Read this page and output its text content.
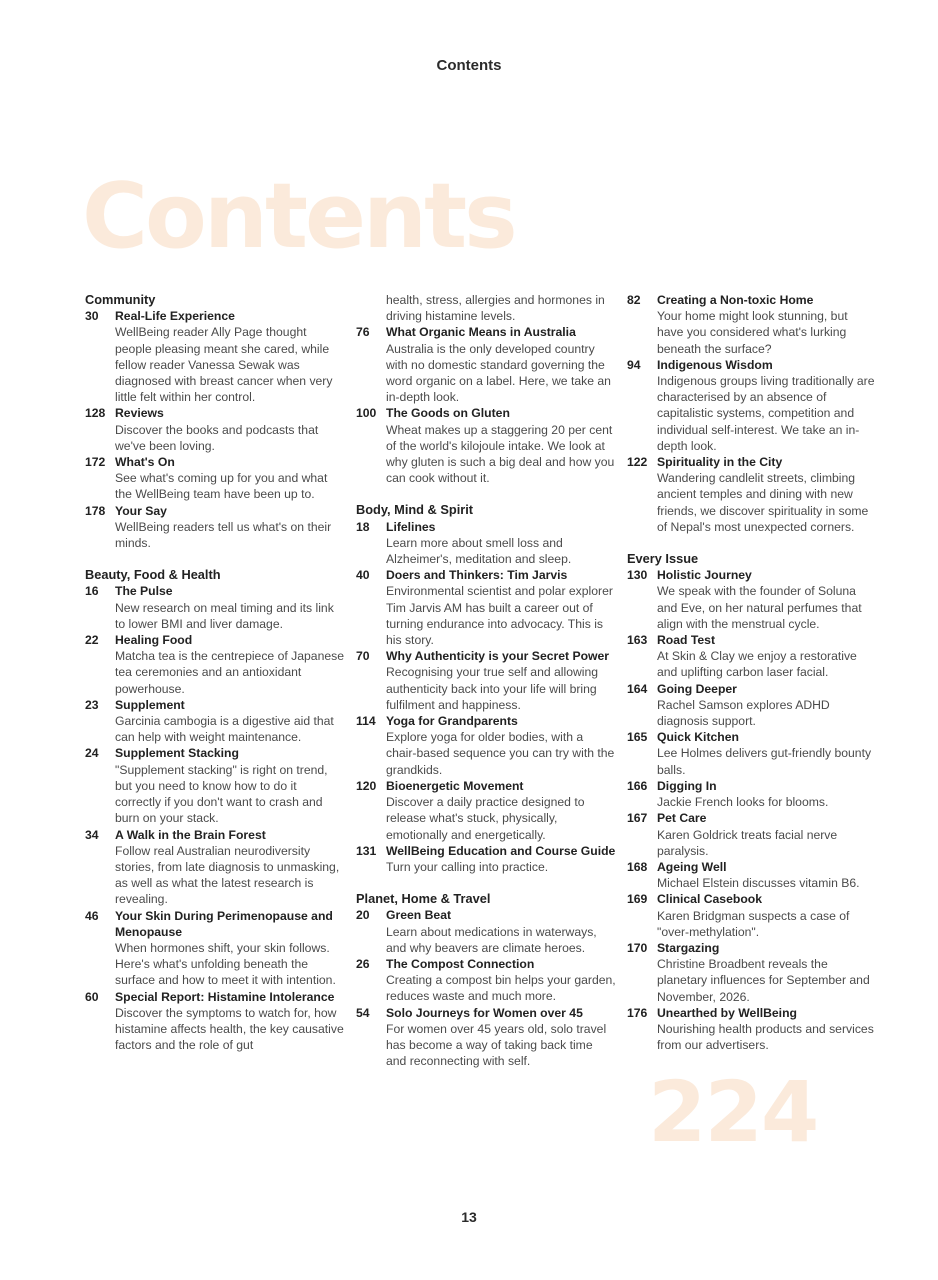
Contents
Contents
Community
30	Real-Life Experience
WellBeing reader Ally Page thought people pleasing meant she cared, while fellow reader Vanessa Sewak was diagnosed with breast cancer when very little felt within her control.
128 Reviews
Discover the books and podcasts that we've been loving.
172 What's On
See what's coming up for you and what the WellBeing team have been up to.
178 Your Say
WellBeing readers tell us what's on their minds.
Beauty, Food & Health
16	The Pulse
New research on meal timing and its link to lower BMI and liver damage.
22	Healing Food
Matcha tea is the centrepiece of Japanese tea ceremonies and an antioxidant powerhouse.
23	Supplement
Garcinia cambogia is a digestive aid that can help with weight maintenance.
24	Supplement Stacking
"Supplement stacking" is right on trend, but you need to know how to do it correctly if you don't want to crash and burn on your stack.
34	A Walk in the Brain Forest
Follow real Australian neurodiversity stories, from late diagnosis to unmasking, as well as what the latest research is revealing.
46	Your Skin During Perimenopause and Menopause
When hormones shift, your skin follows. Here's what's unfolding beneath the surface and how to meet it with intention.
60	Special Report: Histamine Intolerance
Discover the symptoms to watch for, how histamine affects health, the key causative factors and the role of gut
health, stress, allergies and hormones in driving histamine levels.
76	What Organic Means in Australia
Australia is the only developed country with no domestic standard governing the word organic on a label. Here, we take an in-depth look.
100 The Goods on Gluten
Wheat makes up a staggering 20 per cent of the world's kilojoule intake. We look at why gluten is such a big deal and how you can cook without it.
Body, Mind & Spirit
18	Lifelines
Learn more about smell loss and Alzheimer's, meditation and sleep.
40	Doers and Thinkers: Tim Jarvis
Environmental scientist and polar explorer Tim Jarvis AM has built a career out of turning endurance into advocacy. This is his story.
70	Why Authenticity is your Secret Power
Recognising your true self and allowing authenticity back into your life will bring fulfilment and happiness.
114 Yoga for Grandparents
Explore yoga for older bodies, with a chair-based sequence you can try with the grandkids.
120 Bioenergetic Movement
Discover a daily practice designed to release what's stuck, physically, emotionally and energetically.
131 WellBeing Education and Course Guide
Turn your calling into practice.
Planet, Home & Travel
20	Green Beat
Learn about medications in waterways, and why beavers are climate heroes.
26	The Compost Connection
Creating a compost bin helps your garden, reduces waste and much more.
54	Solo Journeys for Women over 45
For women over 45 years old, solo travel has become a way of taking back time and reconnecting with self.
82	Creating a Non-toxic Home
Your home might look stunning, but have you considered what's lurking beneath the surface?
94	Indigenous Wisdom
Indigenous groups living traditionally are characterised by an absence of capitalistic systems, competition and individual self-interest. We take an in-depth look.
122 Spirituality in the City
Wandering candlelit streets, climbing ancient temples and dining with new friends, we discover spirituality in some of Nepal's most unexpected corners.
Every Issue
130 Holistic Journey
We speak with the founder of Soluna and Eve, on her natural perfumes that align with the menstrual cycle.
163 Road Test
At Skin & Clay we enjoy a restorative and uplifting carbon laser facial.
164 Going Deeper
Rachel Samson explores ADHD diagnosis support.
165 Quick Kitchen
Lee Holmes delivers gut-friendly bounty balls.
166 Digging In
Jackie French looks for blooms.
167 Pet Care
Karen Goldrick treats facial nerve paralysis.
168 Ageing Well
Michael Elstein discusses vitamin B6.
169 Clinical Casebook
Karen Bridgman suspects a case of "over-methylation".
170 Stargazing
Christine Broadbent reveals the planetary influences for September and November, 2026.
176 Unearthed by WellBeing
Nourishing health products and services from our advertisers.
224
13
